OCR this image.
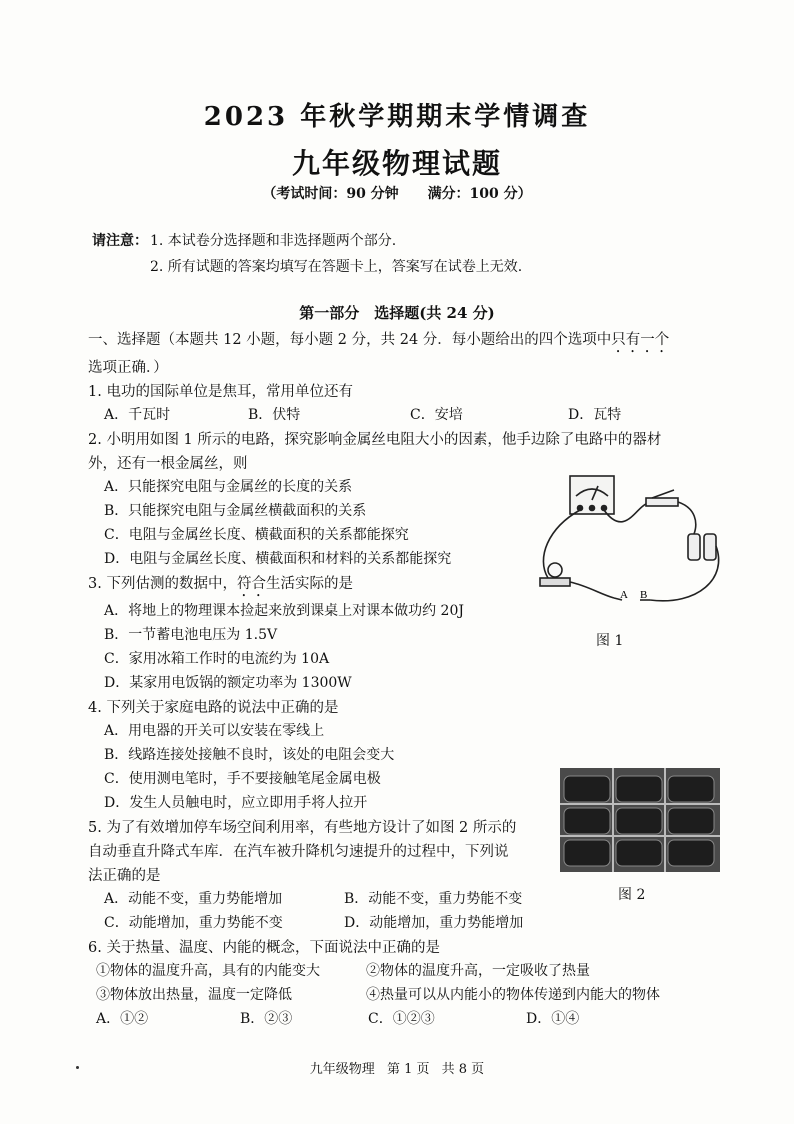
2023 年秋学期期末学情调查
九年级物理试题
（考试时间：90 分钟 满分：100 分）
请注意： 1. 本试卷分选择题和非选择题两个部分.
2. 所有试题的答案均填写在答题卡上，答案写在试卷上无效.
第一部分　选择题(共 24 分)
一、选择题（本题共 12 小题，每小题 2 分，共 24 分．每小题给出的四个选项中只有一个
选项正确．）
1. 电功的国际单位是焦耳，常用单位还有
A．千瓦时	B．伏特	C．安培	D．瓦特
2. 小明用如图 1 所示的电路，探究影响金属丝电阻大小的因素，他手边除了电路中的器材
外，还有一根金属丝，则
A．只能探究电阻与金属丝的长度的关系
B．只能探究电阻与金属丝横截面积的关系
C．电阻与金属丝长度、横截面积的关系都能探究
D．电阻与金属丝长度、横截面积和材料的关系都能探究
A B
图 1
3. 下列估测的数据中，符合生活实际的是
A．将地上的物理课本捡起来放到课桌上对课本做功约 20J
B．一节蓄电池电压为 1.5V
C．家用冰箱工作时的电流约为 10A
D．某家用电饭锅的额定功率为 1300W
4. 下列关于家庭电路的说法中正确的是
A．用电器的开关可以安装在零线上
B．线路连接处接触不良时，该处的电阻会变大
C．使用测电笔时，手不要接触笔尾金属电极
D．发生人员触电时，应立即用手将人拉开
图 2
5. 为了有效增加停车场空间利用率，有些地方设计了如图 2 所示的
自动垂直升降式车库．在汽车被升降机匀速提升的过程中，下列说
法正确的是
A．动能不变，重力势能增加	B．动能不变，重力势能不变
C．动能增加，重力势能不变	D．动能增加，重力势能增加
6. 关于热量、温度、内能的概念，下面说法中正确的是
①物体的温度升高，具有的内能变大	②物体的温度升高，一定吸收了热量
③物体放出热量，温度一定降低	④热量可以从内能小的物体传递到内能大的物体
A．①②	B．②③	C．①②③	D．①④
九年级物理 第 1 页 共 8 页
